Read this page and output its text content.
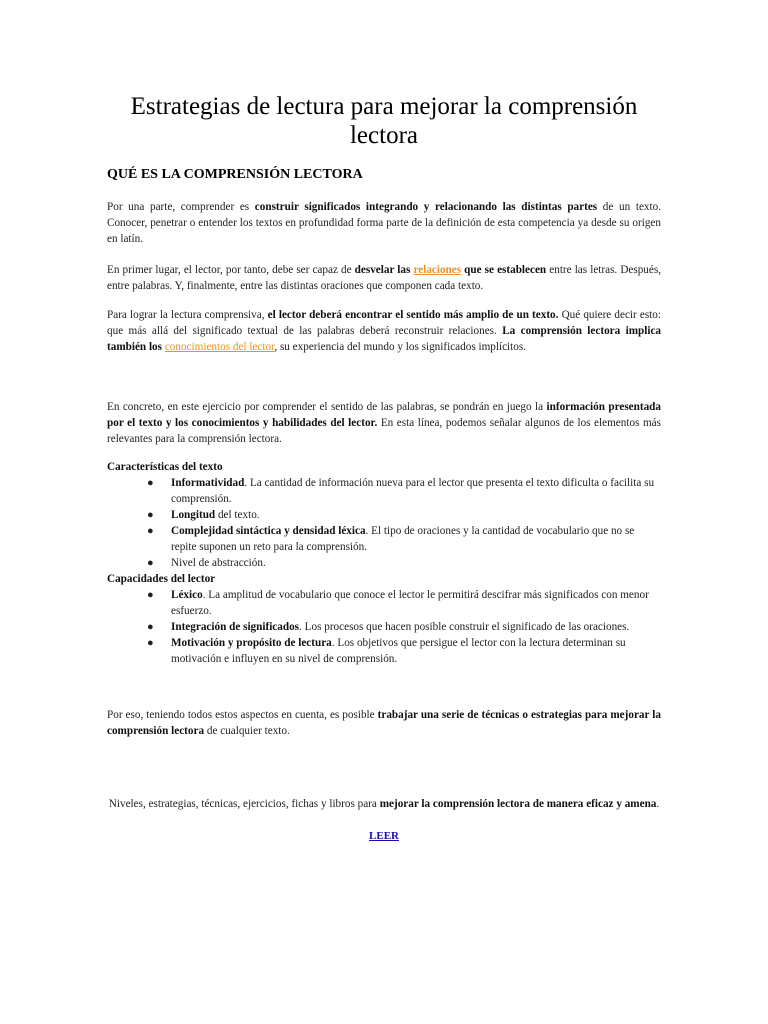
Estrategias de lectura para mejorar la comprensión lectora
QUÉ ES LA COMPRENSIÓN LECTORA

Por una parte, comprender es construir significados integrando y relacionando las distintas partes de un texto. Conocer, penetrar o entender los textos en profundidad forma parte de la definición de esta competencia ya desde su origen en latín.

En primer lugar, el lector, por tanto, debe ser capaz de desvelar las relaciones que se establecen entre las letras. Después, entre palabras. Y, finalmente, entre las distintas oraciones que componen cada texto.

Para lograr la lectura comprensiva, el lector deberá encontrar el sentido más amplio de un texto. Qué quiere decir esto: que más allá del significado textual de las palabras deberá reconstruir relaciones. La comprensión lectora implica también los conocimientos del lector, su experiencia del mundo y los significados implícitos.

En concreto, en este ejercicio por comprender el sentido de las palabras, se pondrán en juego la información presentada por el texto y los conocimientos y habilidades del lector. En esta línea, podemos señalar algunos de los elementos más relevantes para la comprensión lectora.

Características del texto

● Informatividad. La cantidad de información nueva para el lector que presenta el texto dificulta o facilita su comprensión.
● Longitud del texto.
● Complejidad sintáctica y densidad léxica. El tipo de oraciones y la cantidad de vocabulario que no se repite suponen un reto para la comprensión.
● Nivel de abstracción.

Capacidades del lector

● Léxico. La amplitud de vocabulario que conoce el lector le permitirá descifrar más significados con menor esfuerzo.
● Integración de significados. Los procesos que hacen posible construir el significado de las oraciones.
● Motivación y propósito de lectura. Los objetivos que persigue el lector con la lectura determinan su motivación e influyen en su nivel de comprensión.

Por eso, teniendo todos estos aspectos en cuenta, es posible trabajar una serie de técnicas o estrategias para mejorar la comprensión lectora de cualquier texto.

Niveles, estrategias, técnicas, ejercicios, fichas y libros para mejorar la comprensión lectora de manera eficaz y amena.

LEER
